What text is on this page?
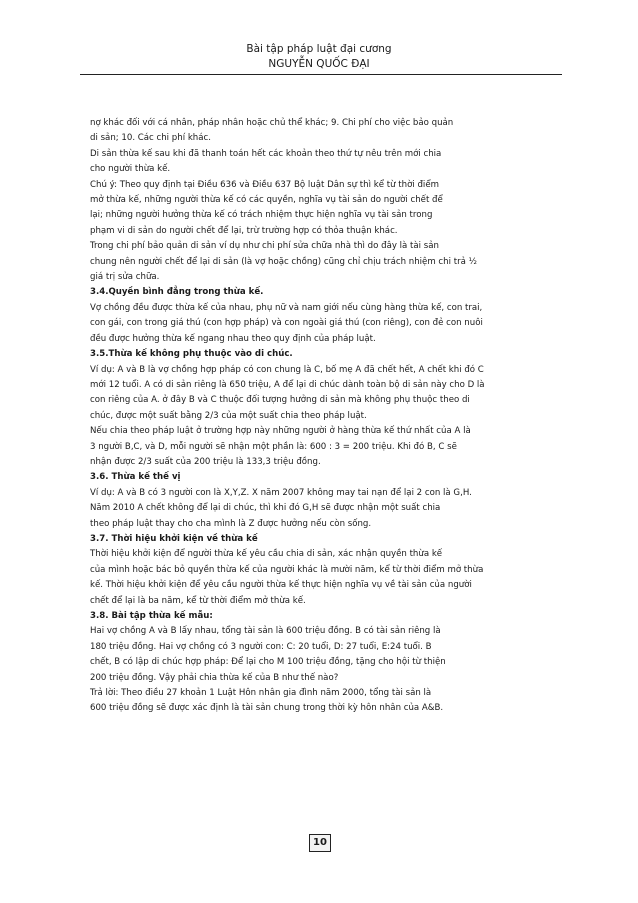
Bài tập pháp luật đại cương
NGUYỄN QUỐC ĐẠI

nợ khác đối với cá nhân, pháp nhân hoặc chủ thể khác; 9. Chi phí cho việc bảo quản

di sản; 10. Các chi phí khác.

Di sản thừa kế sau khi đã thanh toán hết các khoản theo thứ tự nêu trên mới chia

cho người thừa kế.

Chú ý: Theo quy định tại Điều 636 và Điều 637 Bộ luật Dân sự thì kể từ thời điểm

mở thừa kế, những người thừa kế có các quyền, nghĩa vụ tài sản do người chết để

lại; những người hưởng thừa kế có trách nhiệm thực hiện nghĩa vụ tài sản trong

phạm vi di sản do người chết để lại, trừ trường hợp có thỏa thuận khác.

Trong chi phí bảo quản di sản ví dụ như chi phí sửa chữa nhà thì do đây là tài sản

chung nên người chết để lại di sản (là vợ hoặc chồng) cũng chỉ chịu trách nhiệm chi trả ½

giá trị sửa chữa.

3.4.Quyền bình đẳng trong thừa kế.

Vợ chồng đều được thừa kế của nhau, phụ nữ và nam giới nếu cùng hàng thừa kế, con trai,

con gái, con trong giá thú (con hợp pháp) và con ngoài giá thú (con riêng), con đẻ con nuôi

đều được hưởng thừa kế ngang nhau theo quy định của pháp luật.

3.5.Thừa kế không phụ thuộc vào di chúc.

Ví dụ: A và B là vợ chồng hợp pháp có con chung là C, bố mẹ A đã chết hết, A chết khi đó C

mới 12 tuổi. A có di sản riêng là 650 triệu, A để lại di chúc dành toàn bộ di sản này cho D là

con riêng của A. ở đây B và C thuộc đối tượng hưởng di sản mà không phụ thuộc theo di

chúc, được một suất bằng 2/3 của một suất chia theo pháp luật.

Nếu chia theo pháp luật ở trường hợp này những người ở hàng thừa kế thứ nhất của A là

3 người B,C, và D, mỗi người sẽ nhận một phần là: 600 : 3 = 200 triệu. Khi đó B, C sẽ

nhận được 2/3 suất của 200 triệu là 133,3 triệu đồng.

3.6. Thừa kế thế vị

Ví dụ: A và B có 3 người con là X,Y,Z. X năm 2007 không may tai nạn để lại 2 con là G,H.

Năm 2010 A chết không để lại di chúc, thì khi đó G,H sẽ được nhận một suất chia

theo pháp luật thay cho cha mình là Z được hưởng nếu còn sống.

3.7. Thời hiệu khởi kiện về thừa kế

Thời hiệu khởi kiện để người thừa kế yêu cầu chia di sản, xác nhận quyền thừa kế

của mình hoặc bác bỏ quyền thừa kế của người khác là mười năm, kể từ thời điểm mở thừa

kế. Thời hiệu khởi kiện để yêu cầu người thừa kế thực hiện nghĩa vụ về tài sản của người

chết để lại là ba năm, kể từ thời điểm mở thừa kế.

3.8. Bài tập thừa kế mẫu:

Hai vợ chồng A và B lấy nhau, tổng tài sản là 600 triệu đồng. B có tài sản riêng là

180 triệu đồng. Hai vợ chồng có 3 người con: C: 20 tuổi, D: 27 tuổi, E:24 tuổi. B

chết, B có lập di chúc hợp pháp: Để lại cho M 100 triệu đồng, tặng cho hội từ thiện

200 triệu đồng. Vậy phải chia thừa kế của B như thế nào?

Trả lời: Theo điều 27 khoản 1 Luật Hôn nhân gia đình năm 2000, tổng tài sản là

600 triệu đồng sẽ được xác định là tài sản chung trong thời kỳ hôn nhân của A&B.

10
